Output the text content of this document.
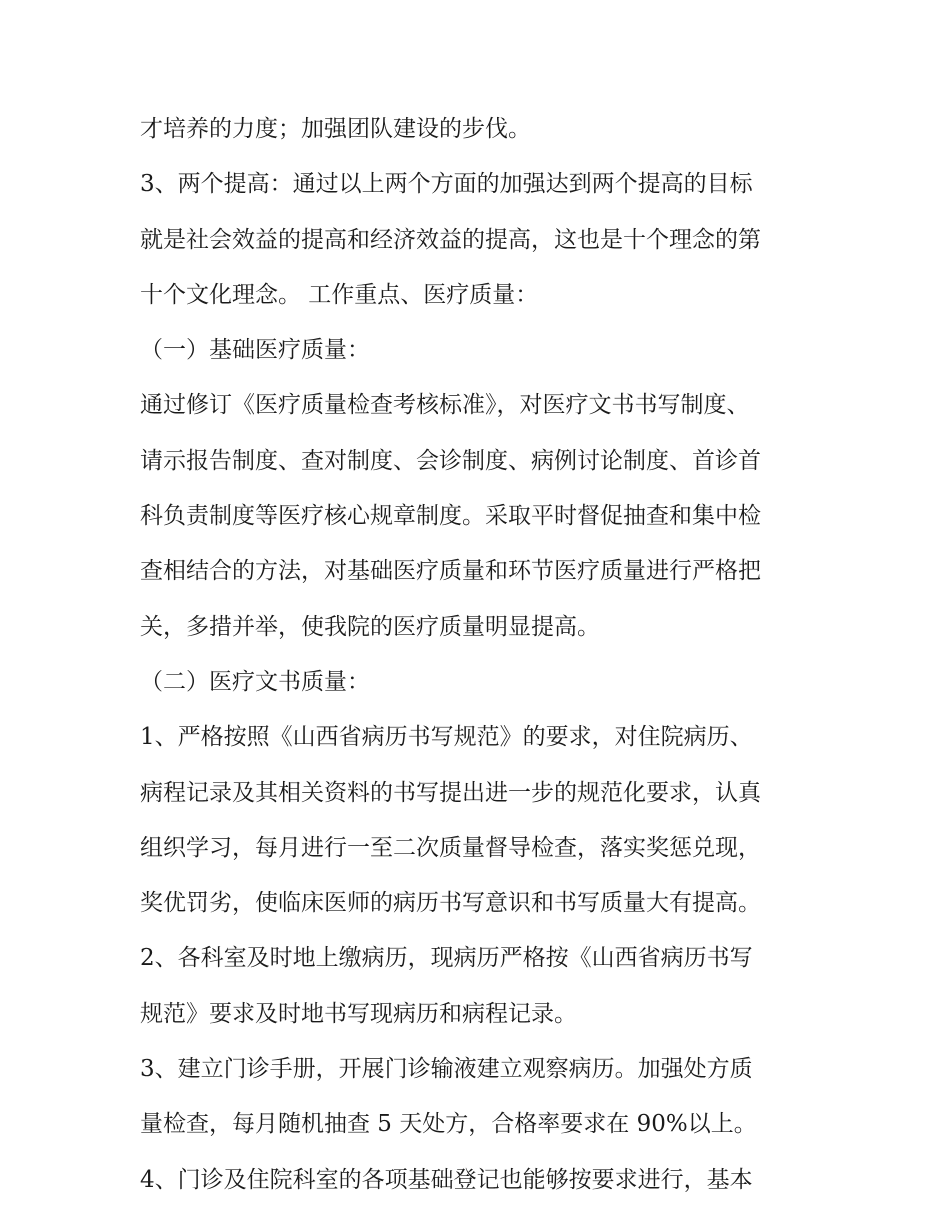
才培养的力度；加强团队建设的步伐。
3、两个提高：通过以上两个方面的加强达到两个提高的目标
就是社会效益的提高和经济效益的提高，这也是十个理念的第
十个文化理念。 工作重点、医疗质量：
（一）基础医疗质量：
通过修订《医疗质量检查考核标准》，对医疗文书书写制度、
请示报告制度、查对制度、会诊制度、病例讨论制度、首诊首
科负责制度等医疗核心规章制度。采取平时督促抽查和集中检
查相结合的方法，对基础医疗质量和环节医疗质量进行严格把
关，多措并举，使我院的医疗质量明显提高。
（二）医疗文书质量：
1、严格按照《山西省病历书写规范》的要求，对住院病历、
病程记录及其相关资料的书写提出进一步的规范化要求，认真
组织学习，每月进行一至二次质量督导检查，落实奖惩兑现，
奖优罚劣，使临床医师的病历书写意识和书写质量大有提高。
2、各科室及时地上缴病历，现病历严格按《山西省病历书写
规范》要求及时地书写现病历和病程记录。
3、建立门诊手册，开展门诊输液建立观察病历。加强处方质
量检查，每月随机抽查 5 天处方，合格率要求在 90%以上。
4、门诊及住院科室的各项基础登记也能够按要求进行，基本
